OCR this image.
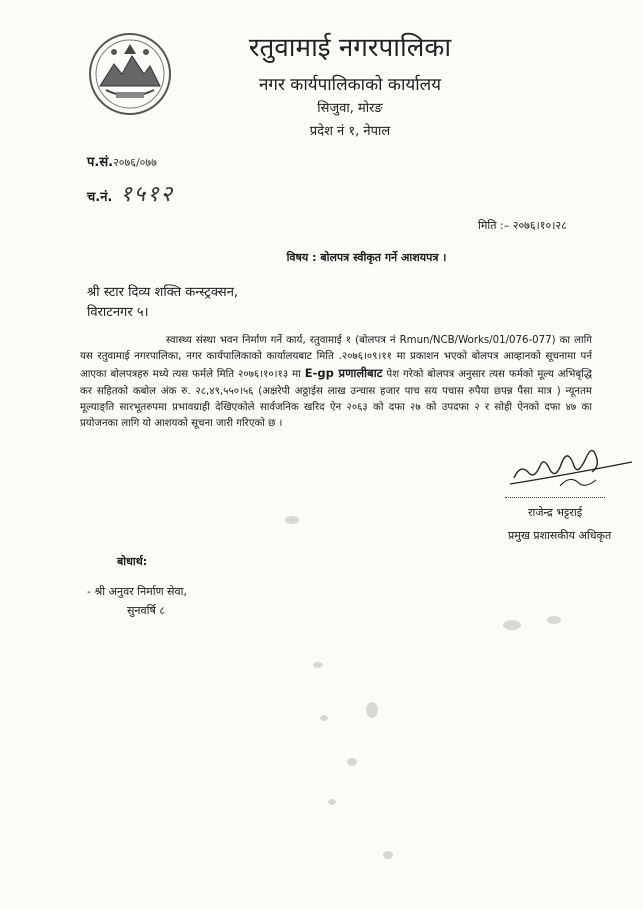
रतुवामाई नगरपालिका
नगर कार्यपालिकाको कार्यालय
सिजुवा, मोरङ
प्रदेश नं १, नेपाल
प.सं.२०७६/०७७
च.नं. १५१२
मिति :– २०७६।१०।२८
विषय : बोलपत्र स्वीकृत गर्ने आशयपत्र ।
श्री स्टार दिव्य शक्ति कन्स्ट्रक्सन,
विराटनगर ५।
स्वास्थ्य संस्था भवन निर्माण गर्ने कार्य, रतुवामाई १ (बोलपत्र नं Rmun/NCB/Works/01/076-077) का लागि यस रतुवामाई नगरपालिका, नगर कार्यपालिकाको कार्यालयबाट मिति .२०७६।०९।११ मा प्रकाशन भएको बोलपत्र आव्हानको सूचनामा पर्न आएका बोलपत्रहरु मध्ये त्यस फर्मले मिति २०७६।१०।१३ मा E-gp प्रणालीबाट पेश गरेको बोलपत्र अनुसार त्यस फर्मको मूल्य अभिबृद्धि कर सहितको कबोल अंक रु. २८,४९,५५०।५६ (अक्षरेपी अठ्ठाईस लाख उन्चास हजार पाच सय पचास रुपैया छपन्न पैसा मात्र ) न्यूनतम मूल्याङ्ति सारभूतरुपमा प्रभावग्राही देखिएकोले सार्वजनिक खरिद ऐन २०६३ को दफा २७ को उपदफा २ र सोही ऐनको दफा ४७ का प्रयोजनका लागि यो आशयको सूचना जारी गरिएको छ ।
राजेन्द्र भट्टराई
प्रमुख प्रशासकीय अधिकृत
बोधार्थ:
- श्री अनुवर निर्माण सेवा,
सुनवर्षि ८
